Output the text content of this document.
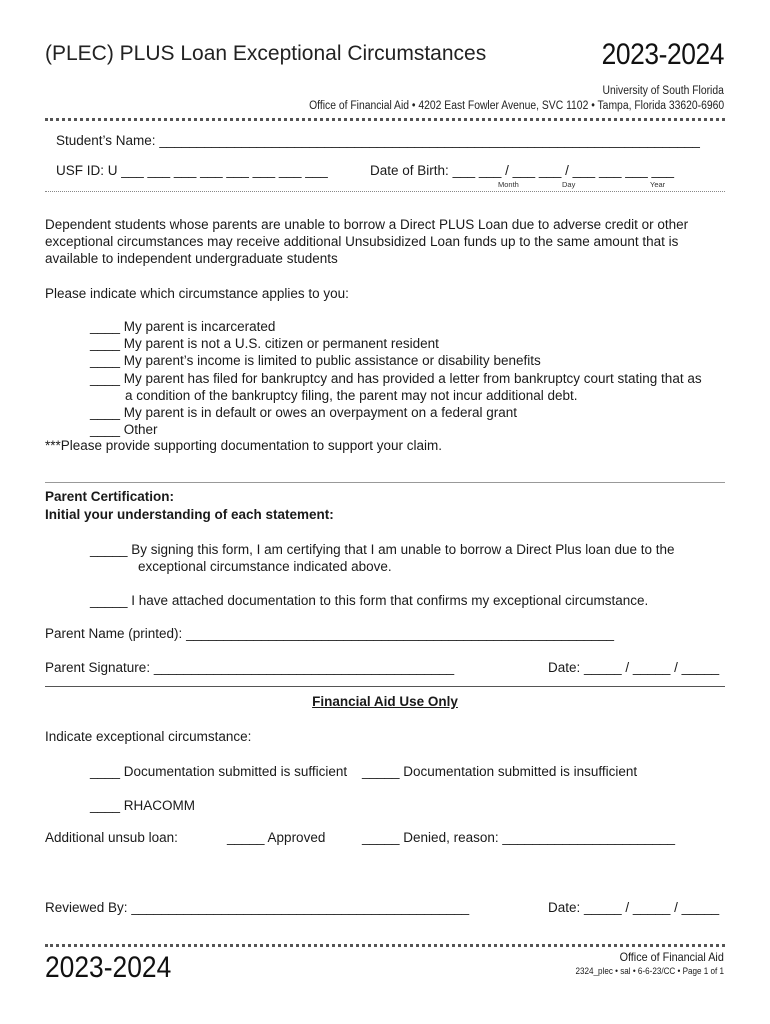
(PLEC) PLUS Loan Exceptional Circumstances	2023-2024
University of South Florida
Office of Financial Aid • 4202 East Fowler Avenue, SVC 1102 • Tampa, Florida 33620-6960
Student’s Name: ________________________________________________________________________
USF ID: U ___ ___ ___ ___ ___ ___ ___ ___	Date of Birth: ___ ___ / ___ ___ / ___ ___ ___ ___
Month	Day	Year
Dependent students whose parents are unable to borrow a Direct PLUS Loan due to adverse credit or other exceptional circumstances may receive additional Unsubsidized Loan funds up to the same amount that is available to independent undergraduate students
Please indicate which circumstance applies to you:
____ My parent is incarcerated
____ My parent is not a U.S. citizen or permanent resident
____ My parent’s income is limited to public assistance or disability benefits
____ My parent has filed for bankruptcy and has provided a letter from bankruptcy court stating that as
a condition of the bankruptcy filing, the parent may not incur additional debt.
____ My parent is in default or owes an overpayment on a federal grant
____ Other
***Please provide supporting documentation to support your claim.
Parent Certification:
Initial your understanding of each statement:
_____ By signing this form, I am certifying that I am unable to borrow a Direct Plus loan due to the
exceptional circumstance indicated above.
_____ I have attached documentation to this form that confirms my exceptional circumstance.
Parent Name (printed): _________________________________________________________
Parent Signature: ________________________________________	Date: _____ / _____ / _____
Financial Aid Use Only
Indicate exceptional circumstance:
____ Documentation submitted is sufficient _____ Documentation submitted is insufficient
____ RHACOMM
Additional unsub loan:	_____ Approved	_____ Denied, reason: _______________________
Reviewed By: _____________________________________________	Date: _____ / _____ / _____
2023-2024	Office of Financial Aid
2324_plec • sal • 6-6-23/CC • Page 1 of 1
